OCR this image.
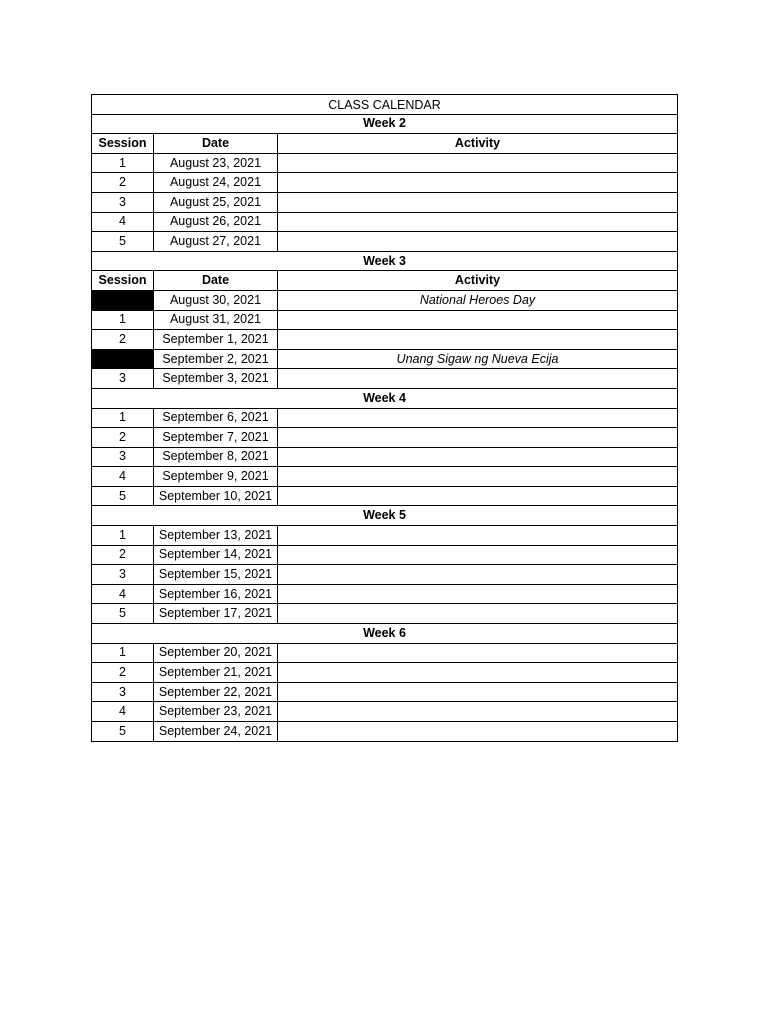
CLASS CALENDAR		
Week 2		
Session	Date	Activity
1	August 23, 2021	
2	August 24, 2021	
3	August 25, 2021	
4	August 26, 2021	
5	August 27, 2021	
Week 3		
Session	Date	Activity
	August 30, 2021	National Heroes Day
1	August 31, 2021	
2	September 1, 2021	
	September 2, 2021	Unang Sigaw ng Nueva Ecija
3	September 3, 2021	
Week 4		
1	September 6, 2021	
2	September 7, 2021	
3	September 8, 2021	
4	September 9, 2021	
5	September 10, 2021	
Week 5		
1	September 13, 2021	
2	September 14, 2021	
3	September 15, 2021	
4	September 16, 2021	
5	September 17, 2021	
Week 6		
1	September 20, 2021	
2	September 21, 2021	
3	September 22, 2021	
4	September 23, 2021	
5	September 24, 2021	
